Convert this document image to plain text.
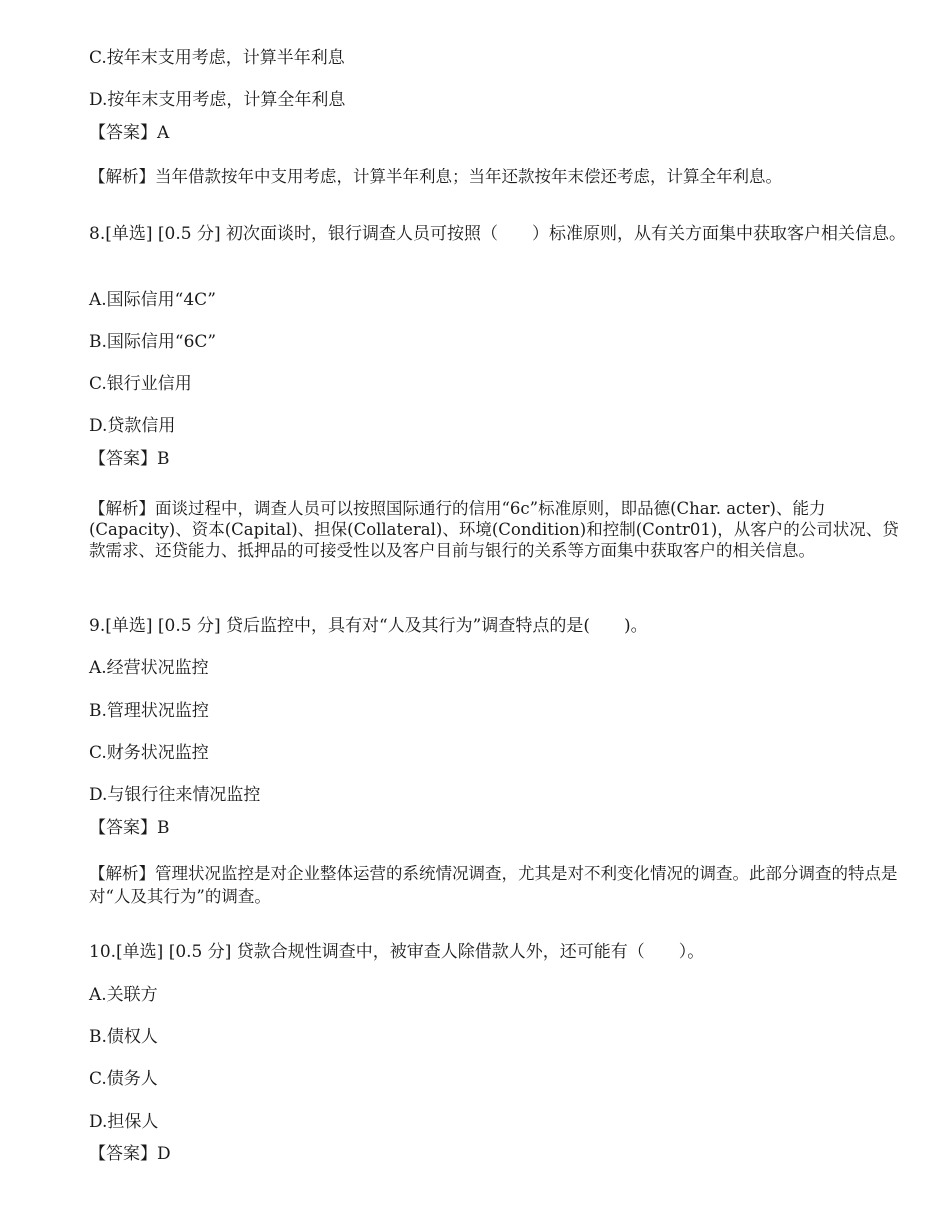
C.按年末支用考虑，计算半年利息
D.按年末支用考虑，计算全年利息
【答案】A
【解析】当年借款按年中支用考虑，计算半年利息；当年还款按年末偿还考虑，计算全年利息。
8.[单选] [0.5 分] 初次面谈时，银行调查人员可按照（　　）标准原则，从有关方面集中获取客户相关信息。
A.国际信用“4C”
B.国际信用“6C”
C.银行业信用
D.贷款信用
【答案】B
【解析】面谈过程中，调查人员可以按照国际通行的信用“6c”标准原则，即品德(Char. acter)、能力(Capacity)、资本(Capital)、担保(Collateral)、环境(Condition)和控制(Contr01)，从客户的公司状况、贷款需求、还贷能力、抵押品的可接受性以及客户目前与银行的关系等方面集中获取客户的相关信息。
9.[单选] [0.5 分] 贷后监控中，具有对“人及其行为”调查特点的是(　　)。
A.经营状况监控
B.管理状况监控
C.财务状况监控
D.与银行往来情况监控
【答案】B
【解析】管理状况监控是对企业整体运营的系统情况调查，尤其是对不利变化情况的调查。此部分调查的特点是对“人及其行为”的调查。
10.[单选] [0.5 分] 贷款合规性调查中，被审查人除借款人外，还可能有（　　）。
A.关联方
B.债权人
C.债务人
D.担保人
【答案】D
